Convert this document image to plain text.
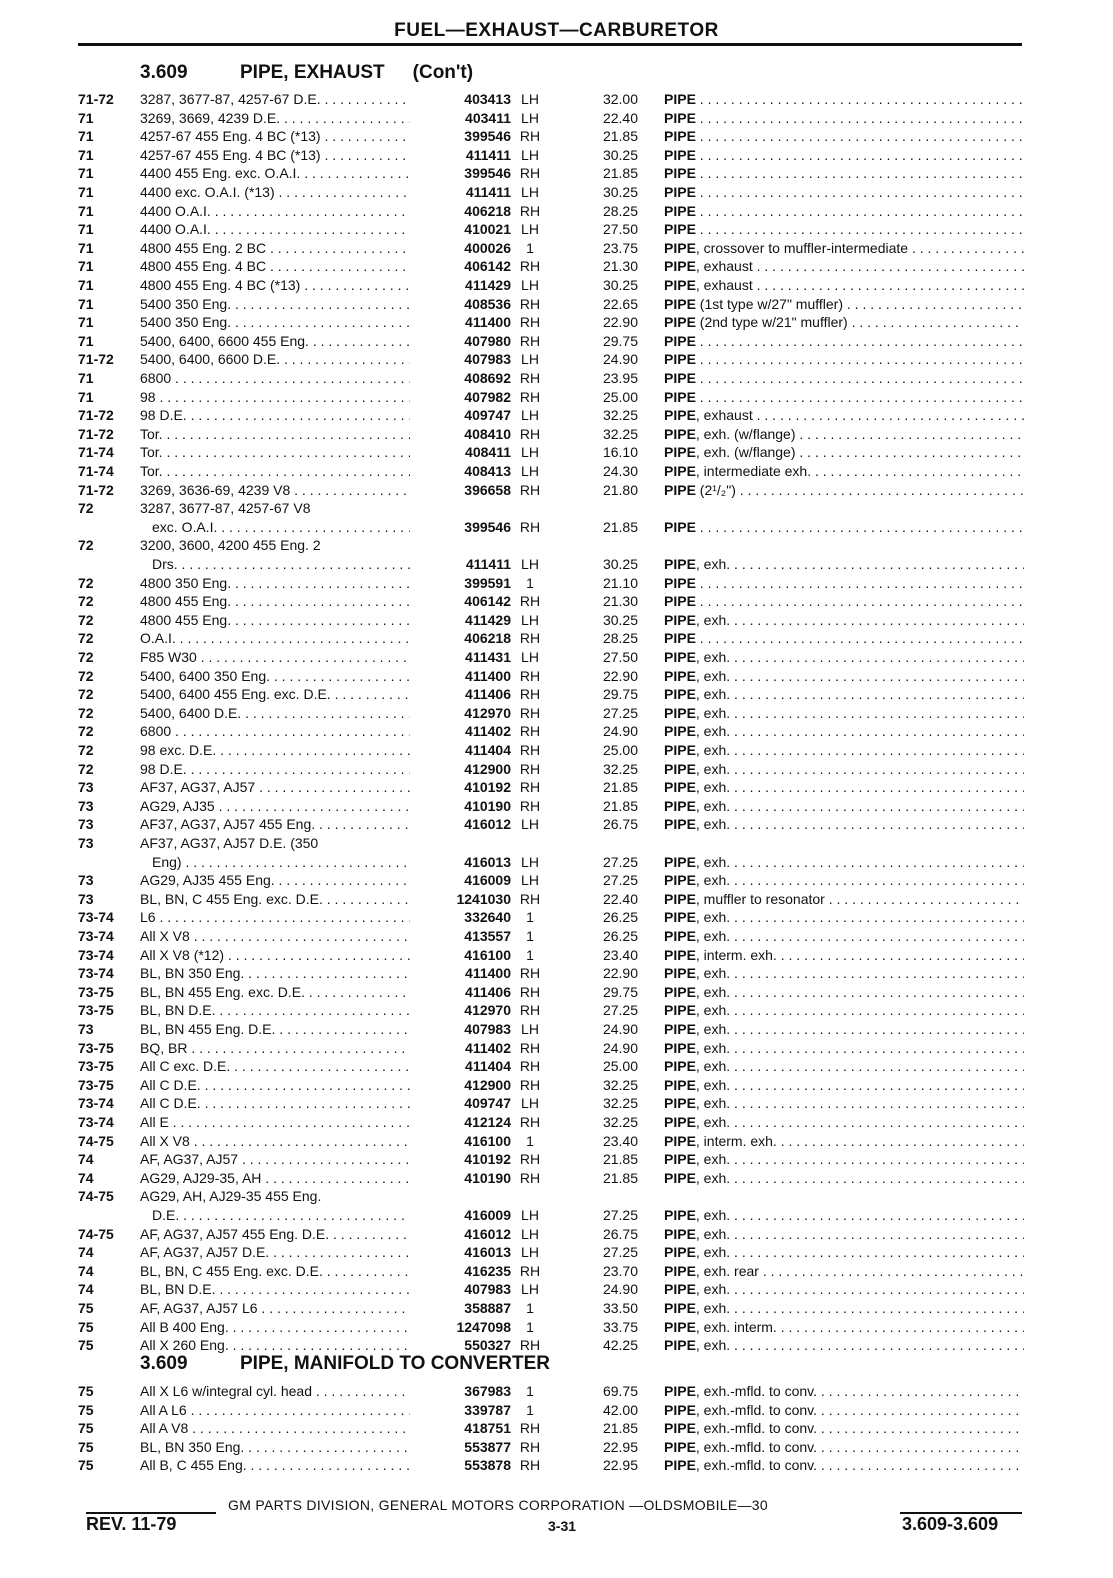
FUEL—EXHAUST—CARBURETOR
3.609	PIPE, EXHAUST (Con't)
71-72 3287, 3677-87, 4257-67 D.E. . . .	403413 LH	32.00 PIPE . . .
71	3269, 3669, 4239 D.E. . . .	403411 LH	22.40 PIPE . . .
71	4257-67 455 Eng. 4 BC (*13) . . .	399546 RH	21.85 PIPE . . .
71	4257-67 455 Eng. 4 BC (*13) . . .	411411 LH	30.25 PIPE . . .
71	4400 455 Eng. exc. O.A.I. . . .	399546 RH	21.85 PIPE . . .
71	4400 exc. O.A.I. (*13) . . .	411411 LH	30.25 PIPE . . .
71	4400 O.A.I. . . .	406218 RH	28.25 PIPE . . .
71	4400 O.A.I. . . .	410021 LH	27.50 PIPE . . .
71	4800 455 Eng. 2 BC . . .	400026	1	23.75 PIPE, crossover to muffler-intermediate . . .
71	4800 455 Eng. 4 BC . . .	406142 RH	21.30 PIPE, exhaust . . .
71	4800 455 Eng. 4 BC (*13) . . .	411429 LH	30.25 PIPE, exhaust . . .
71	5400 350 Eng. . . .	408536 RH	22.65 PIPE (1st type w/27" muffler) . . .
71	5400 350 Eng. . . .	411400 RH	22.90 PIPE (2nd type w/21" muffler) . . .
71	5400, 6400, 6600 455 Eng. . . .	407980 RH	29.75 PIPE . . .
71-72 5400, 6400, 6600 D.E. . . .	407983 LH	24.90 PIPE . . .
71	6800 . . .	408692 RH	23.95 PIPE . . .
71	98 . . .	407982 RH	25.00 PIPE . . .
71-72 98 D.E. . . .	409747 LH	32.25 PIPE, exhaust . . .
71-72 Tor. . . .	408410 RH	32.25 PIPE, exh. (w/flange) . . .
71-74 Tor. . . .	408411 LH	16.10 PIPE, exh. (w/flange) . . .
71-74 Tor. . . .	408413 LH	24.30 PIPE, intermediate exh. . . .
71-72 3269, 3636-69, 4239 V8 . . .	396658 RH	21.80 PIPE (2¹/₂") . . .
72	3287, 3677-87, 4257-67 V8
exc. O.A.I. . . .	399546 RH	21.85 PIPE . . .
72	3200, 3600, 4200 455 Eng. 2
Drs. . . .	411411 LH	30.25 PIPE, exh. . . .
72	4800 350 Eng. . . .	399591	1	21.10 PIPE . . .
72	4800 455 Eng. . . .	406142 RH	21.30 PIPE . . .
72	4800 455 Eng. . . .	411429 LH	30.25 PIPE, exh. . . .
72	O.A.I. . . .	406218 RH	28.25 PIPE . . .
72	F85 W30 . . .	411431 LH	27.50 PIPE, exh. . . .
72	5400, 6400 350 Eng. . . .	411400 RH	22.90 PIPE, exh. . . .
72	5400, 6400 455 Eng. exc. D.E. . . .	411406 RH	29.75 PIPE, exh. . . .
72	5400, 6400 D.E. . . .	412970 RH	27.25 PIPE, exh. . . .
72	6800 . . .	411402 RH	24.90 PIPE, exh. . . .
72	98 exc. D.E. . . .	411404 RH	25.00 PIPE, exh. . . .
72	98 D.E. . . .	412900 RH	32.25 PIPE, exh. . . .
73	AF37, AG37, AJ57 . . .	410192 RH	21.85 PIPE, exh. . . .
73	AG29, AJ35 . . .	410190 RH	21.85 PIPE, exh. . . .
73	AF37, AG37, AJ57 455 Eng. . . .	416012 LH	26.75 PIPE, exh. . . .
73	AF37, AG37, AJ57 D.E. (350
Eng) . . .	416013 LH	27.25 PIPE, exh. . . .
73	AG29, AJ35 455 Eng. . . .	416009 LH	27.25 PIPE, exh. . . .
73	BL, BN, C 455 Eng. exc. D.E. . . .	1241030 RH	22.40 PIPE, muffler to resonator . . .
73-74 L6 . . .	332640	1	26.25 PIPE, exh. . . .
73-74 All X V8 . . .	413557	1	26.25 PIPE, exh. . . .
73-74 All X V8 (*12) . . .	416100	1	23.40 PIPE, interm. exh. . . .
73-74 BL, BN 350 Eng. . . .	411400 RH	22.90 PIPE, exh. . . .
73-75 BL, BN 455 Eng. exc. D.E. . . .	411406 RH	29.75 PIPE, exh. . . .
73-75 BL, BN D.E. . . .	412970 RH	27.25 PIPE, exh. . . .
73	BL, BN 455 Eng. D.E. . . .	407983 LH	24.90 PIPE, exh. . . .
73-75 BQ, BR . . .	411402 RH	24.90 PIPE, exh. . . .
73-75 All C exc. D.E. . . .	411404 RH	25.00 PIPE, exh. . . .
73-75 All C D.E. . . .	412900 RH	32.25 PIPE, exh. . . .
73-74 All C D.E. . . .	409747 LH	32.25 PIPE, exh. . . .
73-74 All E . . .	412124 RH	32.25 PIPE, exh. . . .
74-75 All X V8 . . .	416100	1	23.40 PIPE, interm. exh. . . .
74	AF, AG37, AJ57 . . .	410192 RH	21.85 PIPE, exh. . . .
74	AG29, AJ29-35, AH . . .	410190 RH	21.85 PIPE, exh. . . .
74-75 AG29, AH, AJ29-35 455 Eng.
D.E. . . .	416009 LH	27.25 PIPE, exh. . . .
74-75 AF, AG37, AJ57 455 Eng. D.E. . . .	416012 LH	26.75 PIPE, exh. . . .
74	AF, AG37, AJ57 D.E. . . .	416013 LH	27.25 PIPE, exh. . . .
74	BL, BN, C 455 Eng. exc. D.E. . . .	416235 RH	23.70 PIPE, exh. rear . . .
74	BL, BN D.E. . . .	407983 LH	24.90 PIPE, exh. . . .
75	AF, AG37, AJ57 L6 . . .	358887	1	33.50 PIPE, exh. . . .
75	All B 400 Eng. . . .	1247098	1	33.75 PIPE, exh. interm. . . .
75	All X 260 Eng. . . .	550327 RH	42.25 PIPE, exh. . . .
3.609	PIPE, MANIFOLD TO CONVERTER
75	All X L6 w/integral cyl. head . . .	367983	1	69.75 PIPE, exh.-mfld. to conv. . . .
75	All A L6 . . .	339787	1	42.00 PIPE, exh.-mfld. to conv. . . .
75	All A V8 . . .	418751 RH	21.85 PIPE, exh.-mfld. to conv. . . .
75	BL, BN 350 Eng. . . .	553877 RH	22.95 PIPE, exh.-mfld. to conv. . . .
75	All B, C 455 Eng. . . .	553878 RH	22.95 PIPE, exh.-mfld. to conv. . . .
GM PARTS DIVISION, GENERAL MOTORS CORPORATION —OLDSMOBILE—30
REV. 11-79	3-31	3.609-3.609
